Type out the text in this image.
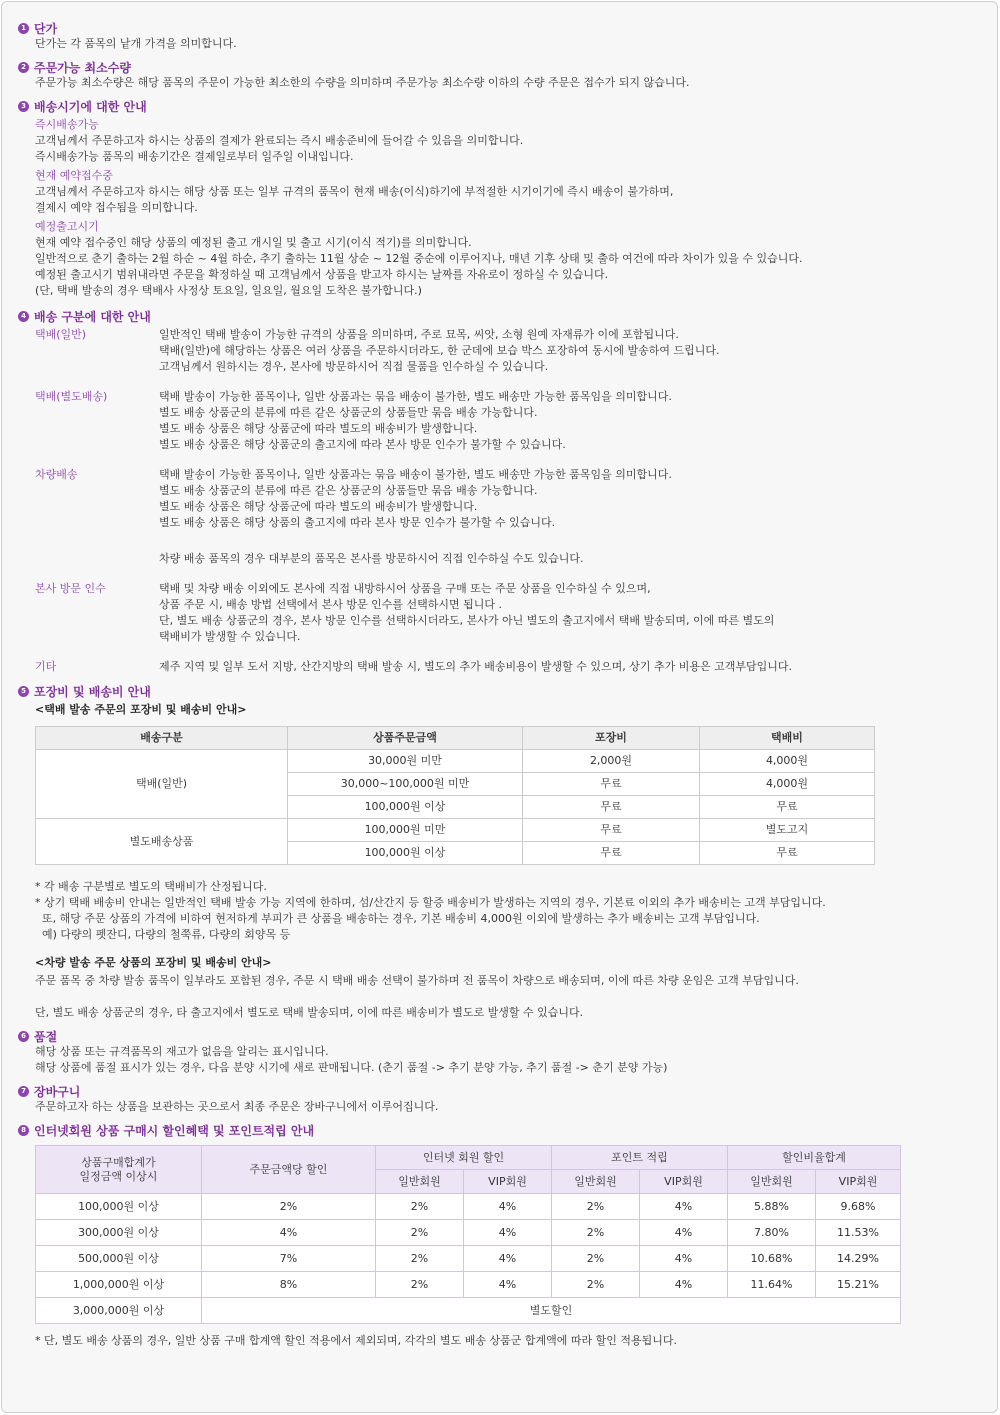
1 단가

단가는 각 품목의 낱개 가격을 의미합니다.

2 주문가능 최소수량

주문가능 최소수량은 해당 품목의 주문이 가능한 최소한의 수량을 의미하며 주문가능 최소수량 이하의 수량 주문은 접수가 되지 않습니다.

3 배송시기에 대한 안내
즉시배송가능

고객님께서 주문하고자 하시는 상품의 결제가 완료되는 즉시 배송준비에 들어갈 수 있음을 의미합니다.

즉시배송가능 품목의 배송기간은 결제일로부터 일주일 이내입니다.

현재 예약접수중

고객님께서 주문하고자 하시는 해당 상품 또는 일부 규격의 품목이 현재 배송(이식)하기에 부적절한 시기이기에 즉시 배송이 불가하며,

결제시 예약 접수됨을 의미합니다.

예정출고시기

현재 예약 접수중인 해당 상품의 예정된 출고 개시일 및 출고 시기(이식 적기)를 의미합니다.

일반적으로 춘기 출하는 2월 하순 ~ 4월 하순, 추기 출하는 11월 상순 ~ 12월 중순에 이루어지나, 매년 기후 상태 및 출하 여건에 따라 차이가 있을 수 있습니다.

예정된 출고시기 범위내라면 주문을 확정하실 때 고객님께서 상품을 받고자 하시는 날짜를 자유로이 정하실 수 있습니다.

(단, 택배 발송의 경우 택배사 사정상 토요일, 일요일, 월요일 도착은 불가합니다.)

4 배송 구분에 대한 안내
택배(일반)	일반적인 택배 발송이 가능한 규격의 상품을 의미하며, 주로 묘목, 씨앗, 소형 원예 자재류가 이에 포함됩니다.

택배(일반)에 해당하는 상품은 여러 상품을 주문하시더라도, 한 군데에 보습 박스 포장하여 동시에 발송하여 드립니다.

고객님께서 원하시는 경우, 본사에 방문하시어 직접 물품을 인수하실 수 있습니다.

택배(별도배송)	택배 발송이 가능한 품목이나, 일반 상품과는 묶음 배송이 불가한, 별도 배송만 가능한 품목임을 의미합니다.

별도 배송 상품군의 분류에 따른 같은 상품군의 상품들만 묶음 배송 가능합니다.

별도 배송 상품은 해당 상품군에 따라 별도의 배송비가 발생합니다.

별도 배송 상품은 해당 상품군의 출고지에 따라 본사 방문 인수가 불가할 수 있습니다.

차량배송	택배 발송이 가능한 품목이나, 일반 상품과는 묶음 배송이 불가한, 별도 배송만 가능한 품목임을 의미합니다.

별도 배송 상품군의 분류에 따른 같은 상품군의 상품들만 묶음 배송 가능합니다.

별도 배송 상품은 해당 상품군에 따라 별도의 배송비가 발생합니다.

별도 배송 상품은 해당 상품의 출고지에 따라 본사 방문 인수가 불가할 수 있습니다.

차량 배송 품목의 경우 대부분의 품목은 본사를 방문하시어 직접 인수하실 수도 있습니다.

본사 방문 인수	택배 및 차량 배송 이외에도 본사에 직접 내방하시어 상품을 구매 또는 주문 상품을 인수하실 수 있으며,

상품 주문 시, 배송 방법 선택에서 본사 방문 인수를 선택하시면 됩니다 .

단, 별도 배송 상품군의 경우, 본사 방문 인수를 선택하시더라도, 본사가 아닌 별도의 출고지에서 택배 발송되며, 이에 따른 별도의

택배비가 발생할 수 있습니다.

기타	제주 지역 및 일부 도서 지방, 산간지방의 택배 발송 시, 별도의 추가 배송비용이 발생할 수 있으며, 상기 추가 비용은 고객부담입니다.

5 포장비 및 배송비 안내
<택배 발송 주문의 포장비 및 배송비 안내>
배송구분	상품주문금액	포장비	택배비
택배(일반)	30,000원 미만	2,000원	4,000원
	30,000~100,000원 미만	무료	4,000원
	100,000원 이상	무료	무료
별도배송상품	100,000원 미만	무료	별도고지
	100,000원 이상	무료	무료

* 각 배송 구분별로 별도의 택배비가 산정됩니다.

* 상기 택배 배송비 안내는 일반적인 택배 발송 가능 지역에 한하며, 섬/산간지 등 할증 배송비가 발생하는 지역의 경우, 기본료 이외의 추가 배송비는 고객 부담입니다.

또, 해당 주문 상품의 가격에 비하여 현저하게 부피가 큰 상품을 배송하는 경우, 기본 배송비 4,000원 이외에 발생하는 추가 배송비는 고객 부담입니다.

예) 다량의 펫잔디, 다량의 철쭉류, 다량의 회양목 등

<차량 발송 주문 상품의 포장비 및 배송비 안내>

주문 품목 중 차량 발송 품목이 일부라도 포함된 경우, 주문 시 택배 배송 선택이 불가하며 전 품목이 차량으로 배송되며, 이에 따른 차량 운임은 고객 부담입니다.

단, 별도 배송 상품군의 경우, 타 출고지에서 별도로 택배 발송되며, 이에 따른 배송비가 별도로 발생할 수 있습니다.

6 품절

해당 상품 또는 규격품목의 재고가 없음을 알리는 표시입니다.

해당 상품에 품절 표시가 있는 경우, 다음 분양 시기에 새로 판매됩니다. (춘기 품절 -> 추기 분양 가능, 추기 품절 -> 춘기 분양 가능)

7 장바구니

주문하고자 하는 상품을 보관하는 곳으로서 최종 주문은 장바구니에서 이루어집니다.

8 인터넷회원 상품 구매시 할인혜택 및 포인트적립 안내
상품구매합계가
일정금액 이상시	주문금액당 할인	인터넷 회원 할인		포인트 적립		할인비율합계	
		일반회원	VIP회원	일반회원	VIP회원	일반회원	VIP회원
100,000원 이상	2%	2%	4%	2%	4%	5.88%	9.68%
300,000원 이상	4%	2%	4%	2%	4%	7.80%	11.53%
500,000원 이상	7%	2%	4%	2%	4%	10.68%	14.29%
1,000,000원 이상	8%	2%	4%	2%	4%	11.64%	15.21%
3,000,000원 이상	별도할인						

* 단, 별도 배송 상품의 경우, 일반 상품 구매 합계액 할인 적용에서 제외되며, 각각의 별도 배송 상품군 합계액에 따라 할인 적용됩니다.
